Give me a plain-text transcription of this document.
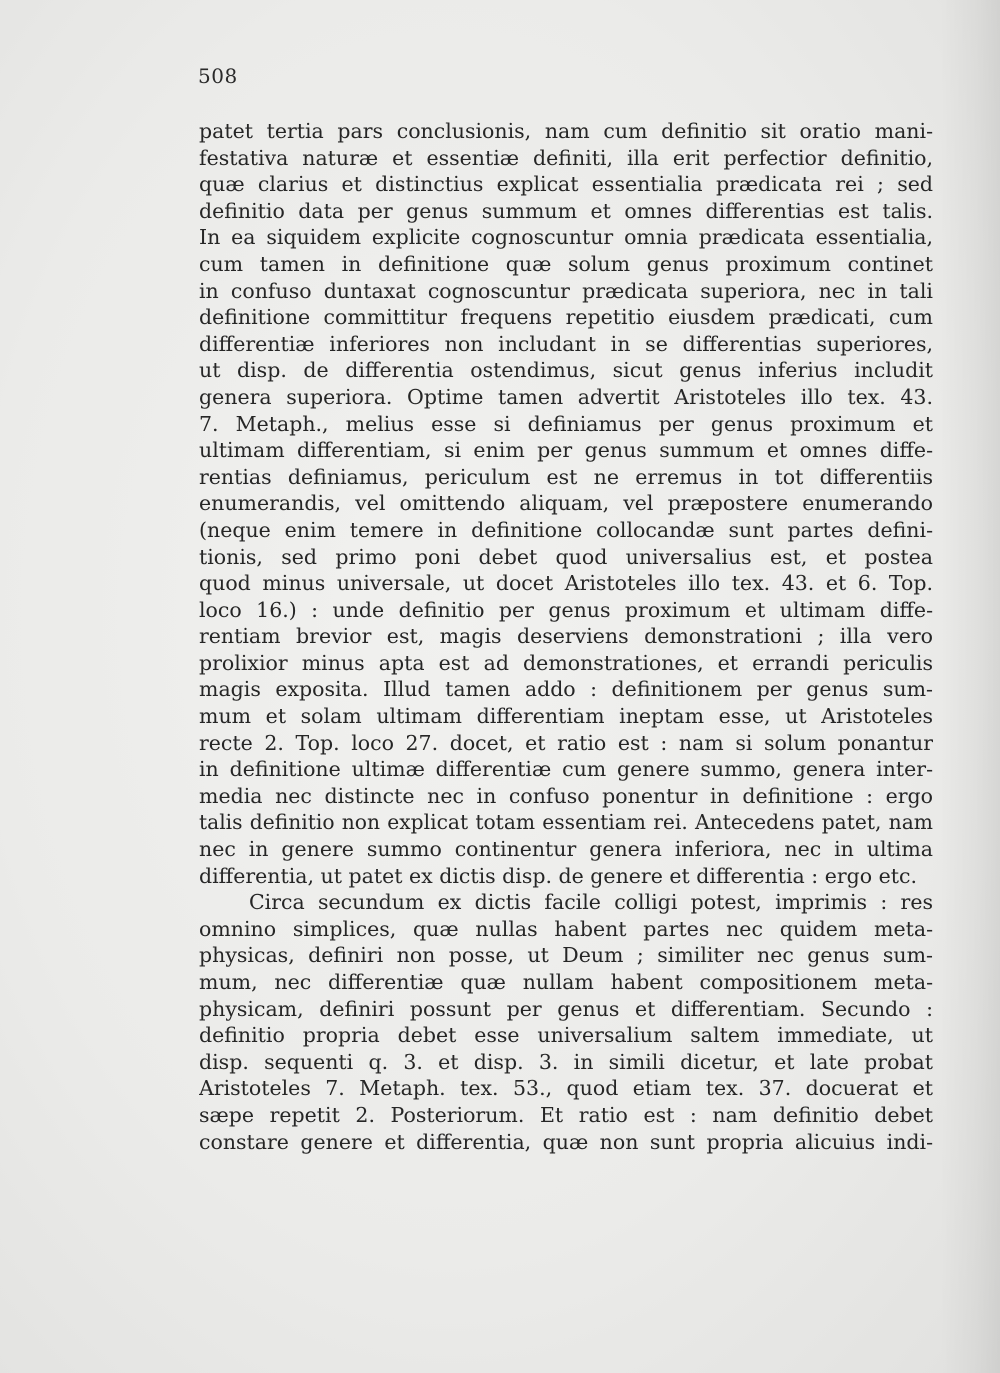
508
patet tertia pars conclusionis, nam cum definitio sit oratio mani-
festativa naturæ et essentiæ definiti, illa erit perfectior definitio,
quæ clarius et distinctius explicat essentialia prædicata rei ; sed
definitio data per genus summum et omnes differentias est talis.
In ea siquidem explicite cognoscuntur omnia prædicata essentialia,
cum tamen in definitione quæ solum genus proximum continet
in confuso duntaxat cognoscuntur prædicata superiora, nec in tali
definitione committitur frequens repetitio eiusdem prædicati, cum
differentiæ inferiores non includant in se differentias superiores,
ut disp. de differentia ostendimus, sicut genus inferius includit
genera superiora. Optime tamen advertit Aristoteles illo tex. 43.
7. Metaph., melius esse si definiamus per genus proximum et
ultimam differentiam, si enim per genus summum et omnes diffe-
rentias definiamus, periculum est ne erremus in tot differentiis
enumerandis, vel omittendo aliquam, vel præpostere enumerando
(neque enim temere in definitione collocandæ sunt partes defini-
tionis, sed primo poni debet quod universalius est, et postea
quod minus universale, ut docet Aristoteles illo tex. 43. et 6. Top.
loco 16.) : unde definitio per genus proximum et ultimam diffe-
rentiam brevior est, magis deserviens demonstrationi ; illa vero
prolixior minus apta est ad demonstrationes, et errandi periculis
magis exposita. Illud tamen addo : definitionem per genus sum-
mum et solam ultimam differentiam ineptam esse, ut Aristoteles
recte 2. Top. loco 27. docet, et ratio est : nam si solum ponantur
in definitione ultimæ differentiæ cum genere summo, genera inter-
media nec distincte nec in confuso ponentur in definitione : ergo
talis definitio non explicat totam essentiam rei. Antecedens patet, nam
nec in genere summo continentur genera inferiora, nec in ultima
differentia, ut patet ex dictis disp. de genere et differentia : ergo etc.
Circa secundum ex dictis facile colligi potest, imprimis : res
omnino simplices, quæ nullas habent partes nec quidem meta-
physicas, definiri non posse, ut Deum ; similiter nec genus sum-
mum, nec differentiæ quæ nullam habent compositionem meta-
physicam, definiri possunt per genus et differentiam. Secundo :
definitio propria debet esse universalium saltem immediate, ut
disp. sequenti q. 3. et disp. 3. in simili dicetur, et late probat
Aristoteles 7. Metaph. tex. 53., quod etiam tex. 37. docuerat et
sæpe repetit 2. Posteriorum. Et ratio est : nam definitio debet
constare genere et differentia, quæ non sunt propria alicuius indi-
